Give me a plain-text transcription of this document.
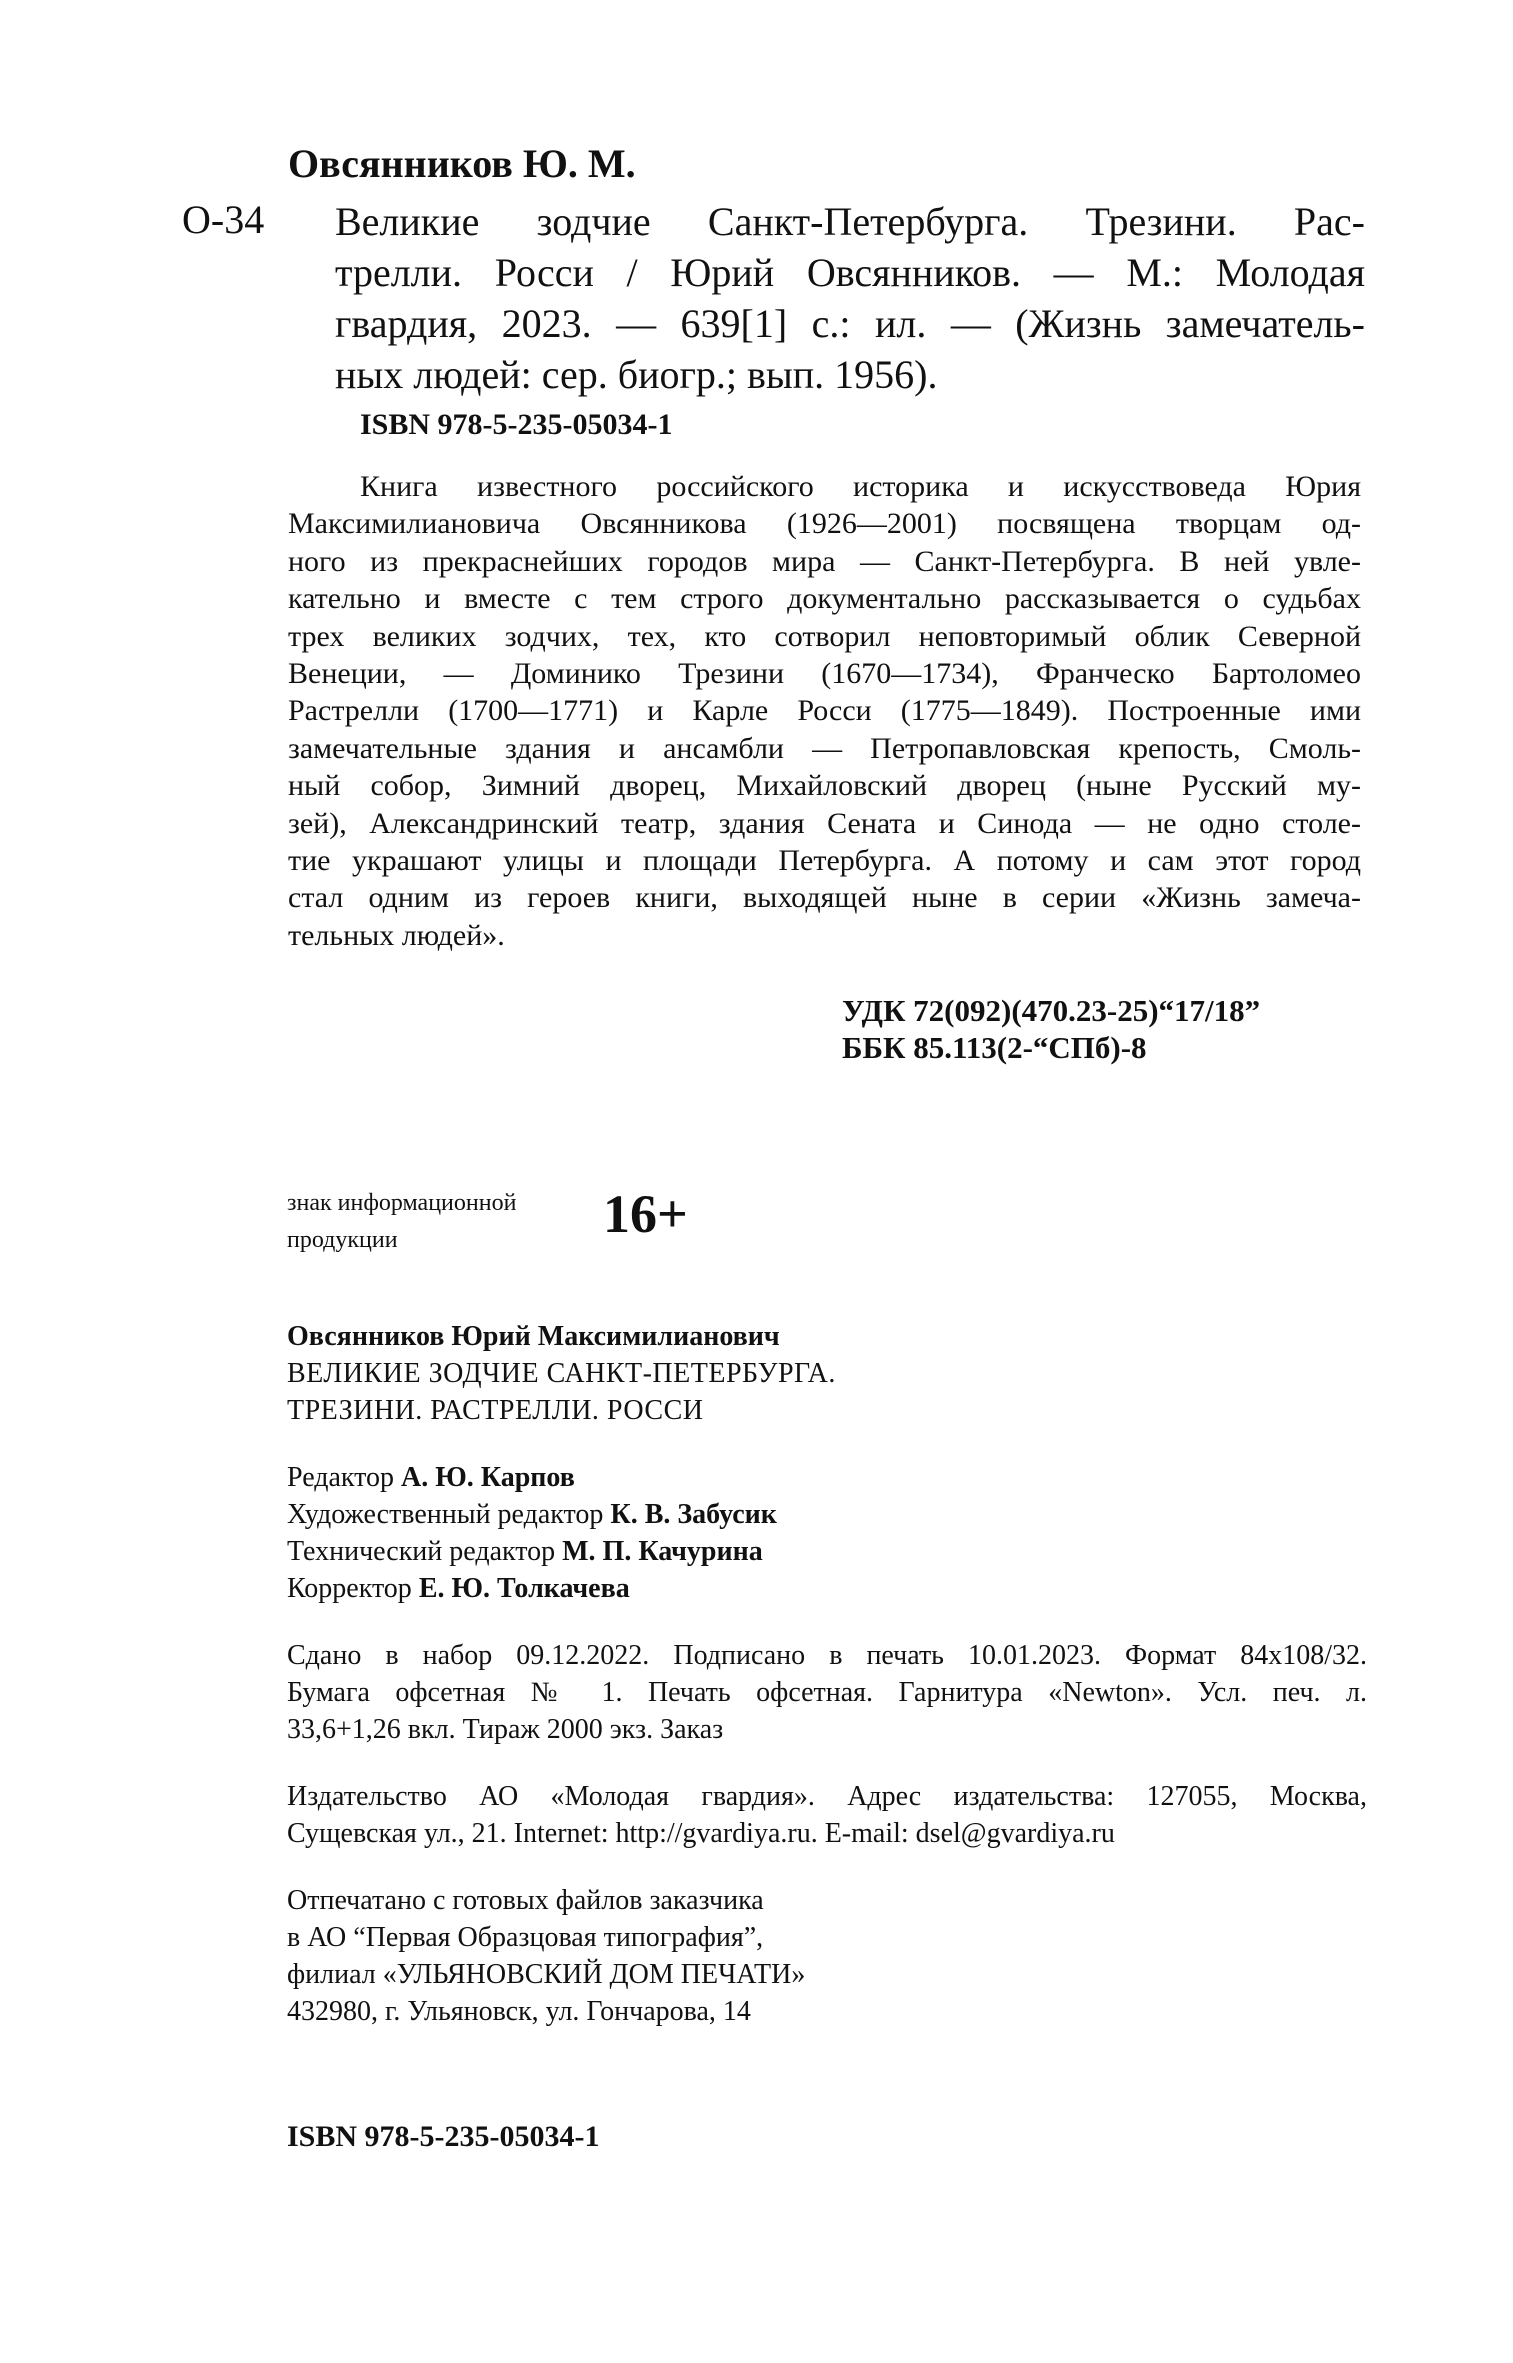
Овсянников Ю. М.
О-34 Великие зодчие Санкт-Петербурга. Трезини. Рас-
трелли. Росси / Юрий Овсянников. — М.: Молодая
гвардия, 2023. — 639[1] с.: ил. — (Жизнь замечатель-
ных людей: сер. биогр.; вып. 1956).
ISBN 978-5-235-05034-1
Книга известного российского историка и искусствоведа Юрия
Максимилиановича Овсянникова (1926—2001) посвящена творцам од-
ного из прекраснейших городов мира — Санкт-Петербурга. В ней увле-
кательно и вместе с тем строго документально рассказывается о судьбах
трех великих зодчих, тех, кто сотворил неповторимый облик Северной
Венеции, — Доминико Трезини (1670—1734), Франческо Бартоломео
Растрелли (1700—1771) и Карле Росси (1775—1849). Построенные ими
замечательные здания и ансамбли — Петропавловская крепость, Смоль-
ный собор, Зимний дворец, Михайловский дворец (ныне Русский му-
зей), Александринский театр, здания Сената и Синода — не одно столе-
тие украшают улицы и площади Петербурга. А потому и сам этот город
стал одним из героев книги, выходящей ныне в серии «Жизнь замеча-
тельных людей».
УДК 72(092)(470.23-25)“17/18”
ББК 85.113(2-“СПб)-8
знак информационной
продукции	16+
Овсянников Юрий Максимилианович
ВЕЛИКИЕ ЗОДЧИЕ САНКТ-ПЕТЕРБУРГА.
ТРЕЗИНИ. РАСТРЕЛЛИ. РОССИ
Редактор А. Ю. Карпов
Художественный редактор К. В. Забусик
Технический редактор М. П. Качурина
Корректор Е. Ю. Толкачева
Сдано в набор 09.12.2022. Подписано в печать 10.01.2023. Формат 84x108/32.
Бумага офсетная № 1. Печать офсетная. Гарнитура «Newton». Усл. печ. л.
33,6+1,26 вкл. Тираж 2000 экз. Заказ
Издательство АО «Молодая гвардия». Адрес издательства: 127055, Москва,
Сущевская ул., 21. Internet: http://gvardiya.ru. E-mail: dsel@gvardiya.ru
Отпечатано с готовых файлов заказчика
в АО “Первая Образцовая типография”,
филиал «УЛЬЯНОВСКИЙ ДОМ ПЕЧАТИ»
432980, г. Ульяновск, ул. Гончарова, 14
ISBN 978-5-235-05034-1
